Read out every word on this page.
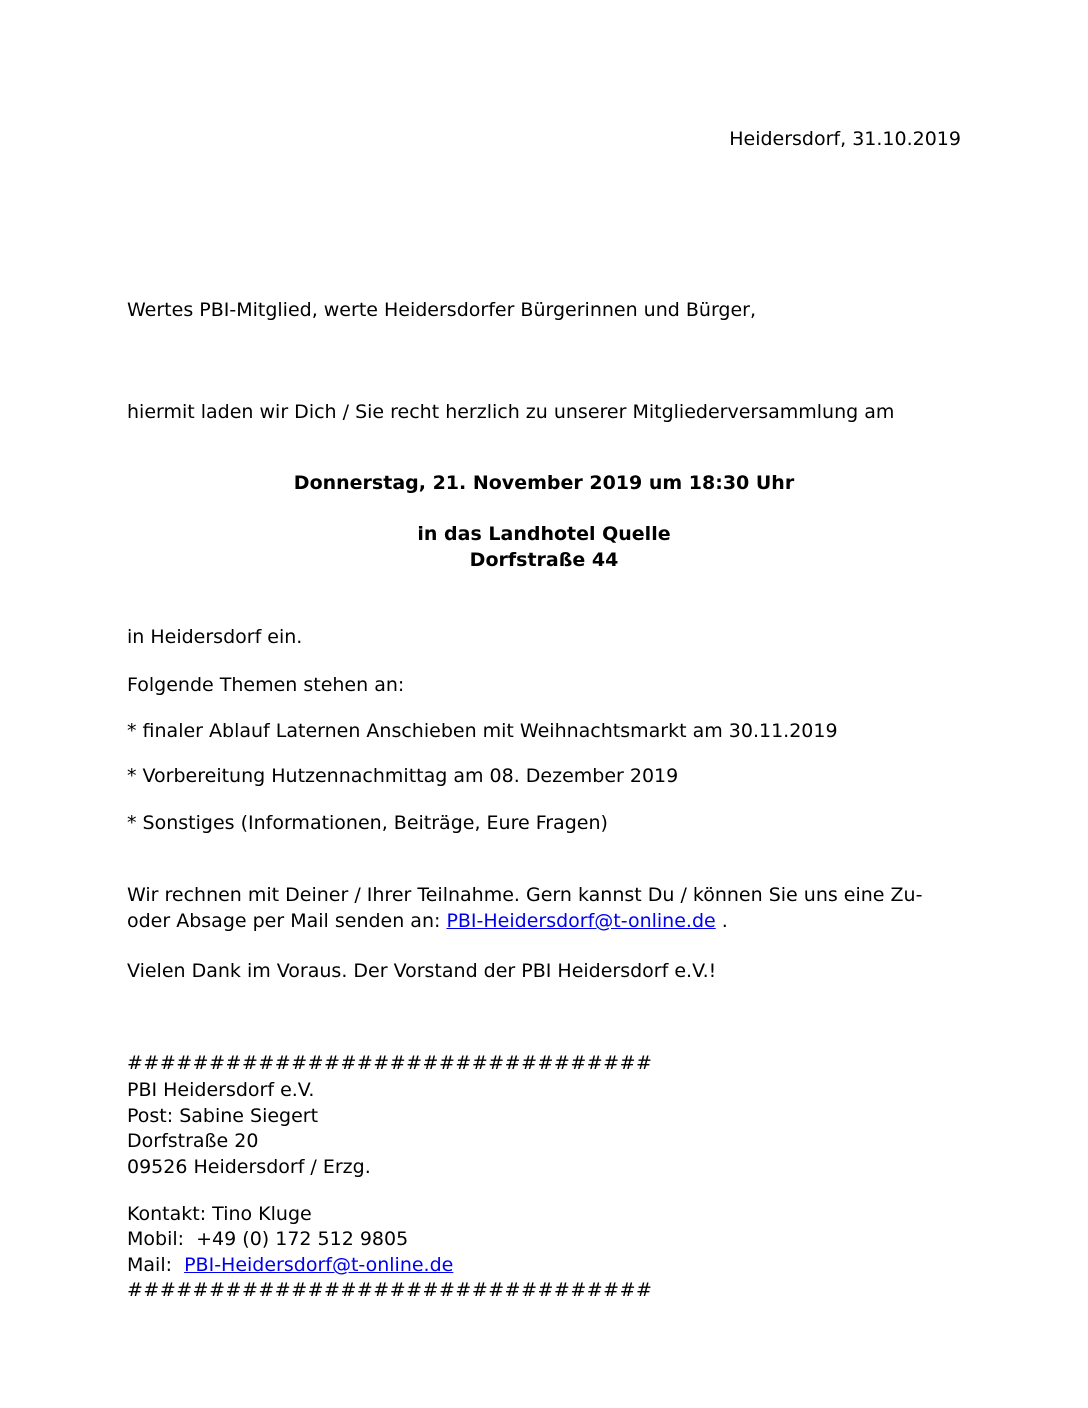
Heidersdorf, 31.10.2019
Wertes PBI-Mitglied, werte Heidersdorfer Bürgerinnen und Bürger,
hiermit laden wir Dich / Sie recht herzlich zu unserer Mitgliederversammlung am
Donnerstag, 21. November 2019 um 18:30 Uhr
in das Landhotel Quelle
Dorfstraße 44
in Heidersdorf ein.
Folgende Themen stehen an:
* finaler Ablauf Laternen Anschieben mit Weihnachtsmarkt am 30.11.2019
* Vorbereitung Hutzennachmittag am 08. Dezember 2019
* Sonstiges (Informationen, Beiträge, Eure Fragen)
Wir rechnen mit Deiner / Ihrer Teilnahme. Gern kannst Du / können Sie uns eine Zu-
oder Absage per Mail senden an: PBI-Heidersdorf@t-online.de .
Vielen Dank im Voraus. Der Vorstand der PBI Heidersdorf e.V.!
################################
PBI Heidersdorf e.V.
Post: Sabine Siegert
Dorfstraße 20
09526 Heidersdorf / Erzg.
Kontakt: Tino Kluge
Mobil: +49 (0) 172 512 9805
Mail: PBI-Heidersdorf@t-online.de
################################
